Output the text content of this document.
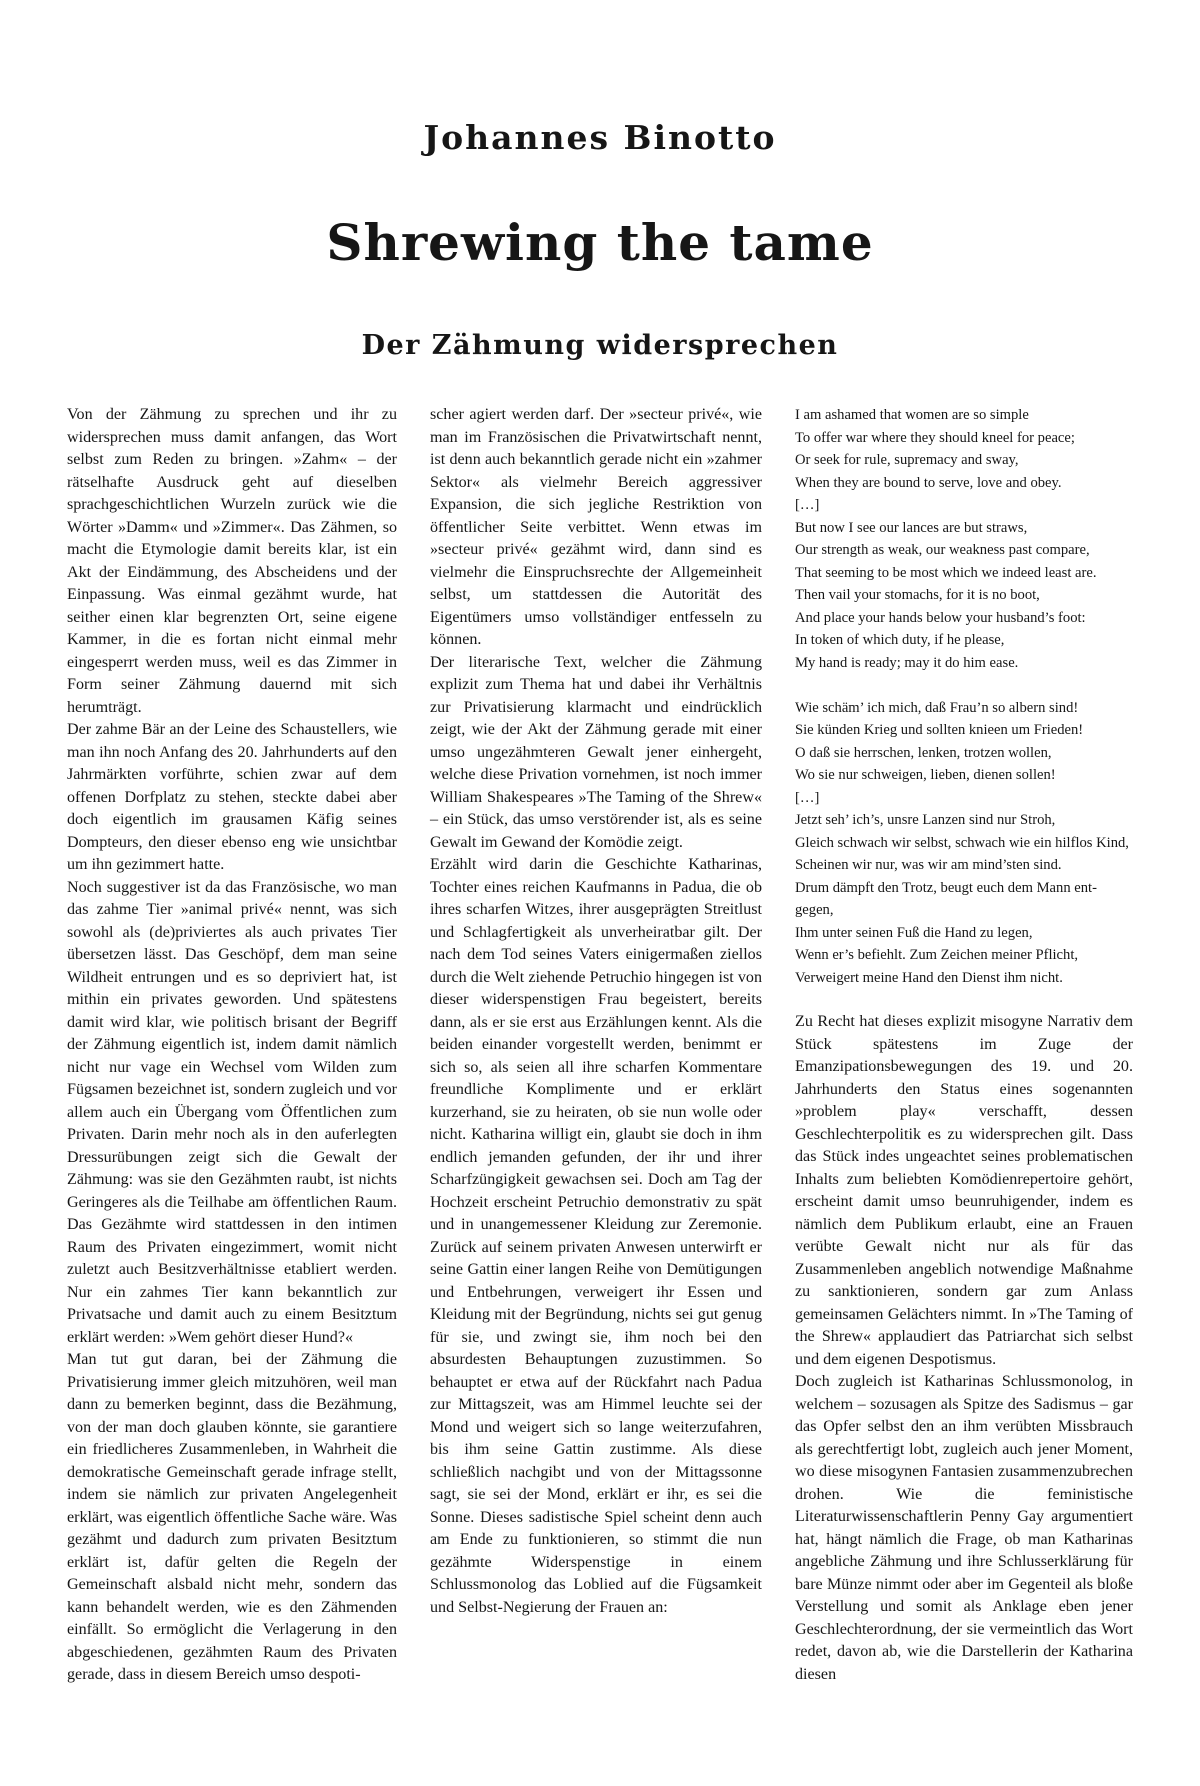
Johannes Binotto
Shrewing the tame
Der Zähmung widersprechen

Von der Zähmung zu sprechen und ihr zu widersprechen muss damit anfangen, das Wort selbst zum Reden zu bringen. »Zahm« – der rätselhafte Ausdruck geht auf dieselben sprachgeschichtlichen Wurzeln zurück wie die Wörter »Damm« und »Zimmer«. Das Zähmen, so macht die Etymologie damit bereits klar, ist ein Akt der Eindämmung, des Abscheidens und der Einpassung. Was einmal gezähmt wurde, hat seither einen klar begrenzten Ort, seine eigene Kammer, in die es fortan nicht einmal mehr eingesperrt werden muss, weil es das Zimmer in Form seiner Zähmung dauernd mit sich herumträgt.

Der zahme Bär an der Leine des Schaustellers, wie man ihn noch Anfang des 20. Jahrhunderts auf den Jahrmärkten vorführte, schien zwar auf dem offenen Dorfplatz zu stehen, steckte dabei aber doch eigentlich im grausamen Käfig seines Dompteurs, den dieser ebenso eng wie unsichtbar um ihn gezimmert hatte.

Noch suggestiver ist da das Französische, wo man das zahme Tier »animal privé« nennt, was sich sowohl als (de)priviertes als auch privates Tier übersetzen lässt. Das Geschöpf, dem man seine Wildheit entrungen und es so depriviert hat, ist mithin ein privates geworden. Und spätestens damit wird klar, wie politisch brisant der Begriff der Zähmung eigentlich ist, indem damit nämlich nicht nur vage ein Wechsel vom Wilden zum Fügsamen bezeichnet ist, sondern zugleich und vor allem auch ein Übergang vom Öffentlichen zum Privaten. Darin mehr noch als in den auferlegten Dressurübungen zeigt sich die Gewalt der Zähmung: was sie den Gezähmten raubt, ist nichts Geringeres als die Teilhabe am öffentlichen Raum. Das Gezähmte wird stattdessen in den intimen Raum des Privaten eingezimmert, womit nicht zuletzt auch Besitzverhältnisse etabliert werden. Nur ein zahmes Tier kann bekanntlich zur Privatsache und damit auch zu einem Besitztum erklärt werden: »Wem gehört dieser Hund?«

Man tut gut daran, bei der Zähmung die Privatisierung immer gleich mitzuhören, weil man dann zu bemerken beginnt, dass die Bezähmung, von der man doch glauben könnte, sie garantiere ein friedlicheres Zusammenleben, in Wahrheit die demokratische Gemeinschaft gerade infrage stellt, indem sie nämlich zur privaten Angelegenheit erklärt, was eigentlich öffentliche Sache wäre. Was gezähmt und dadurch zum privaten Besitztum erklärt ist, dafür gelten die Regeln der Gemeinschaft alsbald nicht mehr, sondern das kann behandelt werden, wie es den Zähmenden einfällt. So ermöglicht die Verlagerung in den abgeschiedenen, gezähmten Raum des Privaten gerade, dass in diesem Bereich umso despoti-

scher agiert werden darf. Der »secteur privé«, wie man im Französischen die Privatwirtschaft nennt, ist denn auch bekanntlich gerade nicht ein »zahmer Sektor« als vielmehr Bereich aggressiver Expansion, die sich jegliche Restriktion von öffentlicher Seite verbittet. Wenn etwas im »secteur privé« gezähmt wird, dann sind es vielmehr die Einspruchsrechte der Allgemeinheit selbst, um stattdessen die Autorität des Eigentümers umso vollständiger entfesseln zu können.

Der literarische Text, welcher die Zähmung explizit zum Thema hat und dabei ihr Verhältnis zur Privatisierung klarmacht und eindrücklich zeigt, wie der Akt der Zähmung gerade mit einer umso ungezähmteren Gewalt jener einhergeht, welche diese Privation vornehmen, ist noch immer William Shakespeares »The Taming of the Shrew« – ein Stück, das umso verstörender ist, als es seine Gewalt im Gewand der Komödie zeigt.

Erzählt wird darin die Geschichte Katharinas, Tochter eines reichen Kaufmanns in Padua, die ob ihres scharfen Witzes, ihrer ausgeprägten Streitlust und Schlagfertigkeit als unverheiratbar gilt. Der nach dem Tod seines Vaters einigermaßen ziellos durch die Welt ziehende Petruchio hingegen ist von dieser widerspenstigen Frau begeistert, bereits dann, als er sie erst aus Erzählungen kennt. Als die beiden einander vorgestellt werden, benimmt er sich so, als seien all ihre scharfen Kommentare freundliche Komplimente und er erklärt kurzerhand, sie zu heiraten, ob sie nun wolle oder nicht. Katharina willigt ein, glaubt sie doch in ihm endlich jemanden gefunden, der ihr und ihrer Scharfzüngigkeit gewachsen sei. Doch am Tag der Hochzeit erscheint Petruchio demonstrativ zu spät und in unangemessener Kleidung zur Zeremonie. Zurück auf seinem privaten Anwesen unterwirft er seine Gattin einer langen Reihe von Demütigungen und Entbehrungen, verweigert ihr Essen und Kleidung mit der Begründung, nichts sei gut genug für sie, und zwingt sie, ihm noch bei den absurdesten Behauptungen zuzustimmen. So behauptet er etwa auf der Rückfahrt nach Padua zur Mittagszeit, was am Himmel leuchte sei der Mond und weigert sich so lange weiterzufahren, bis ihm seine Gattin zustimme. Als diese schließlich nachgibt und von der Mittagssonne sagt, sie sei der Mond, erklärt er ihr, es sei die Sonne. Dieses sadistische Spiel scheint denn auch am Ende zu funktionieren, so stimmt die nun gezähmte Widerspenstige in einem Schlussmonolog das Loblied auf die Fügsamkeit und Selbst-Negierung der Frauen an:

I am ashamed that women are so simple
To offer war where they should kneel for peace;
Or seek for rule, supremacy and sway,
When they are bound to serve, love and obey.
[…]
But now I see our lances are but straws,
Our strength as weak, our weakness past compare,
That seeming to be most which we indeed least are.
Then vail your stomachs, for it is no boot,
And place your hands below your husband’s foot:
In token of which duty, if he please,
My hand is ready; may it do him ease.
Wie schäm’ ich mich, daß Frau’n so albern sind!
Sie künden Krieg und sollten knieen um Frieden!
O daß sie herrschen, lenken, trotzen wollen,
Wo sie nur schweigen, lieben, dienen sollen!
[…]
Jetzt seh’ ich’s, unsre Lanzen sind nur Stroh,
Gleich schwach wir selbst, schwach wie ein hilflos Kind,
Scheinen wir nur, was wir am mind’sten sind.
Drum dämpft den Trotz, beugt euch dem Mann ent-
gegen,
Ihm unter seinen Fuß die Hand zu legen,
Wenn er’s befiehlt. Zum Zeichen meiner Pflicht,
Verweigert meine Hand den Dienst ihm nicht.

Zu Recht hat dieses explizit misogyne Narrativ dem Stück spätestens im Zuge der Emanzipationsbewegungen des 19. und 20. Jahrhunderts den Status eines sogenannten »problem play« verschafft, dessen Geschlechterpolitik es zu widersprechen gilt. Dass das Stück indes ungeachtet seines problematischen Inhalts zum beliebten Komödienrepertoire gehört, erscheint damit umso beunruhigender, indem es nämlich dem Publikum erlaubt, eine an Frauen verübte Gewalt nicht nur als für das Zusammenleben angeblich notwendige Maßnahme zu sanktionieren, sondern gar zum Anlass gemeinsamen Gelächters nimmt. In »The Taming of the Shrew« applaudiert das Patriarchat sich selbst und dem eigenen Despotismus.

Doch zugleich ist Katharinas Schlussmonolog, in welchem – sozusagen als Spitze des Sadismus – gar das Opfer selbst den an ihm verübten Missbrauch als gerechtfertigt lobt, zugleich auch jener Moment, wo diese misogynen Fantasien zusammenzubrechen drohen. Wie die feministische Literaturwissenschaftlerin Penny Gay argumentiert hat, hängt nämlich die Frage, ob man Katharinas angebliche Zähmung und ihre Schlusserklärung für bare Münze nimmt oder aber im Gegenteil als bloße Verstellung und somit als Anklage eben jener Geschlechterordnung, der sie vermeintlich das Wort redet, davon ab, wie die Darstellerin der Katharina diesen
